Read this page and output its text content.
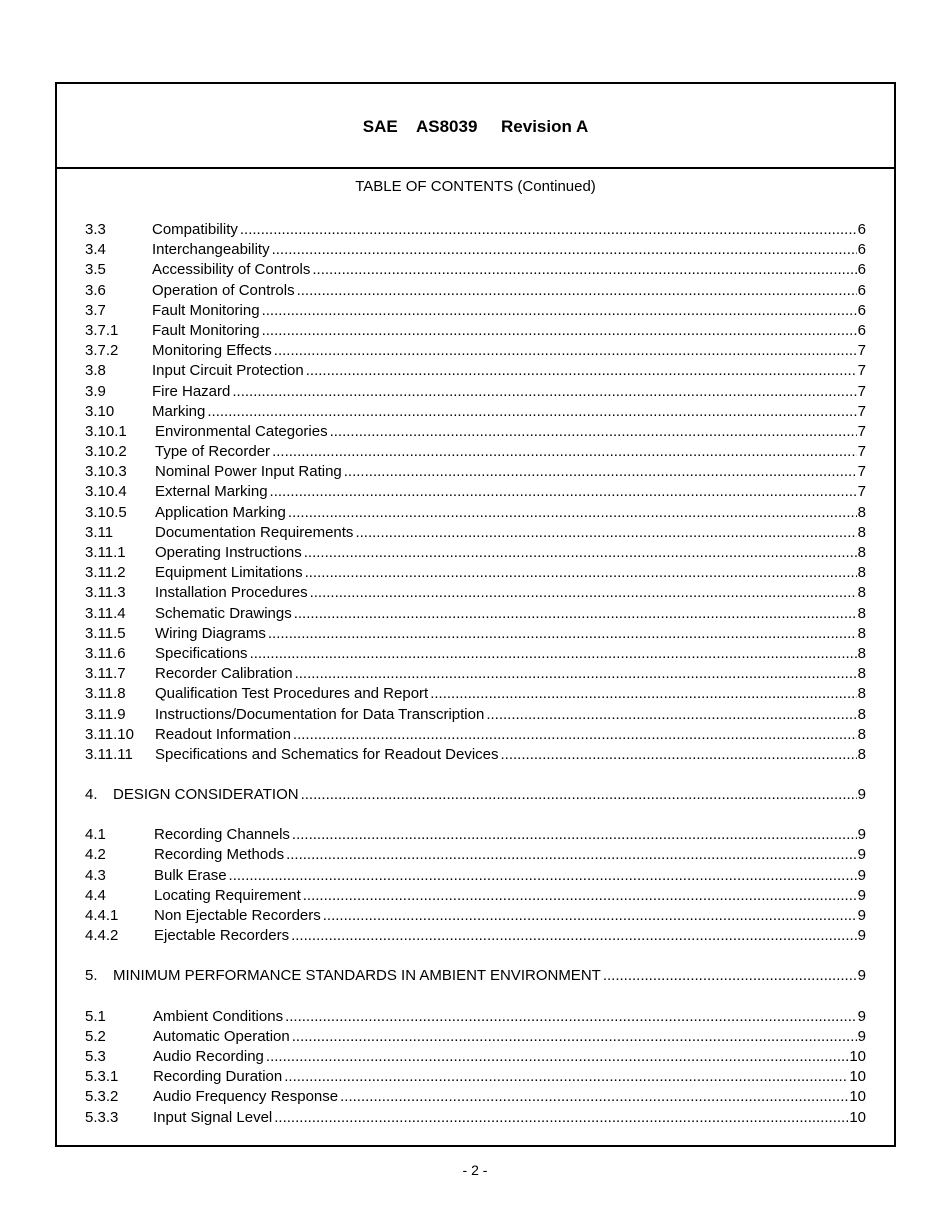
SAE    AS8039     Revision A
TABLE OF CONTENTS (Continued)
3.3	Compatibility .....	6
3.4	Interchangeability .....	6
3.5	Accessibility of Controls .....	6
3.6	Operation of Controls .....	6
3.7	Fault Monitoring .....	6
3.7.1	Fault Monitoring .....	6
3.7.2	Monitoring Effects .....	7
3.8	Input Circuit Protection .....	7
3.9	Fire Hazard .....	7
3.10	Marking .....	7
3.10.1	Environmental Categories .....	7
3.10.2	Type of Recorder .....	7
3.10.3	Nominal Power Input Rating .....	7
3.10.4	External Marking .....	7
3.10.5	Application Marking .....	8
3.11	Documentation Requirements .....	8
3.11.1	Operating Instructions .....	8
3.11.2	Equipment Limitations .....	8
3.11.3	Installation Procedures .....	8
3.11.4	Schematic Drawings .....	8
3.11.5	Wiring Diagrams .....	8
3.11.6	Specifications .....	8
3.11.7	Recorder Calibration .....	8
3.11.8	Qualification Test Procedures and Report .....	8
3.11.9	Instructions/Documentation for Data Transcription .....	8
3.11.10	Readout Information .....	8
3.11.11	Specifications and Schematics for Readout Devices .....	8
4.	DESIGN CONSIDERATION .....	9
4.1	Recording Channels .....	9
4.2	Recording Methods .....	9
4.3	Bulk Erase .....	9
4.4	Locating Requirement .....	9
4.4.1	Non Ejectable Recorders .....	9
4.4.2	Ejectable Recorders .....	9
5.	MINIMUM PERFORMANCE STANDARDS IN AMBIENT ENVIRONMENT .....	9
5.1	Ambient Conditions .....	9
5.2	Automatic Operation .....	9
5.3	Audio Recording .....	10
5.3.1	Recording Duration .....	10
5.3.2	Audio Frequency Response .....	10
5.3.3	Input Signal Level .....	10
- 2 -
